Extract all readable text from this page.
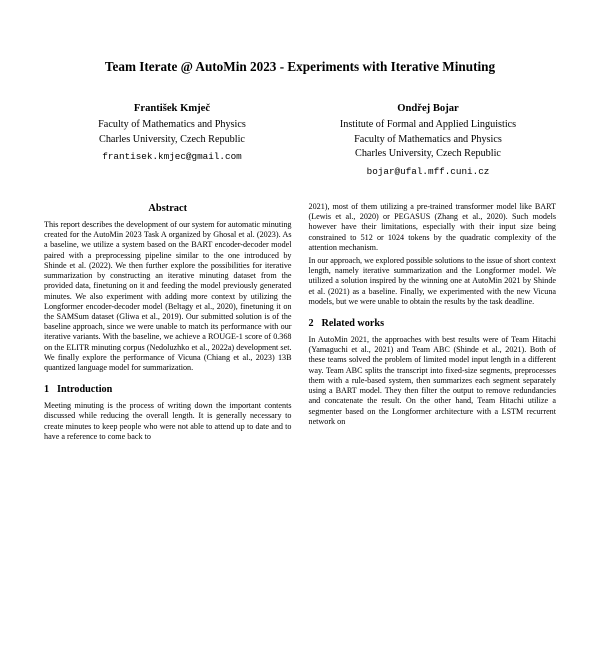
Team Iterate @ AutoMin 2023 - Experiments with Iterative Minuting
František Kmječ
Faculty of Mathematics and Physics
Charles University, Czech Republic
frantisek.kmjec@gmail.com
Ondřej Bojar
Institute of Formal and Applied Linguistics
Faculty of Mathematics and Physics
Charles University, Czech Republic
bojar@ufal.mff.cuni.cz
Abstract

This report describes the development of our system for automatic minuting created for the AutoMin 2023 Task A organized by Ghosal et al. (2023). As a baseline, we utilize a system based on the BART encoder-decoder model paired with a preprocessing pipeline similar to the one introduced by Shinde et al. (2022). We then further explore the possibilities for iterative summarization by constructing an iterative minuting dataset from the provided data, finetuning on it and feeding the model previously generated minutes. We also experiment with adding more context by utilizing the Longformer encoder-decoder model (Beltagy et al., 2020), finetuning it on the SAMSum dataset (Gliwa et al., 2019). Our submitted solution is of the baseline approach, since we were unable to match its performance with our iterative variants. With the baseline, we achieve a ROUGE-1 score of 0.368 on the ELITR minuting corpus (Nedoluzhko et al., 2022a) development set. We finally explore the performance of Vicuna (Chiang et al., 2023) 13B quantized language model for summarization.

1 Introduction

Meeting minuting is the process of writing down the important contents discussed while reducing the overall length. It is generally necessary to create minutes to keep people who were not able to attend up to date and to have a reference to come back to

2021), most of them utilizing a pre-trained transformer model like BART (Lewis et al., 2020) or PEGASUS (Zhang et al., 2020). Such models however have their limitations, especially with their input size being constrained to 512 or 1024 tokens by the quadratic complexity of the attention mechanism.

In our approach, we explored possible solutions to the issue of short context length, namely iterative summarization and the Longformer model. We utilized a solution inspired by the winning one at AutoMin 2021 by Shinde et al. (2021) as a baseline. Finally, we experimented with the new Vicuna models, but we were unable to obtain the results by the task deadline.

2 Related works

In AutoMin 2021, the approaches with best results were of Team Hitachi (Yamaguchi et al., 2021) and Team ABC (Shinde et al., 2021). Both of these teams solved the problem of limited model input length in a different way. Team ABC splits the transcript into fixed-size segments, preprocesses them with a rule-based system, then summarizes each segment separately using a BART model. They then filter the output to remove redundancies and concatenate the result. On the other hand, Team Hitachi utilize a segmenter based on the Longformer architecture with a LSTM recurrent network on
